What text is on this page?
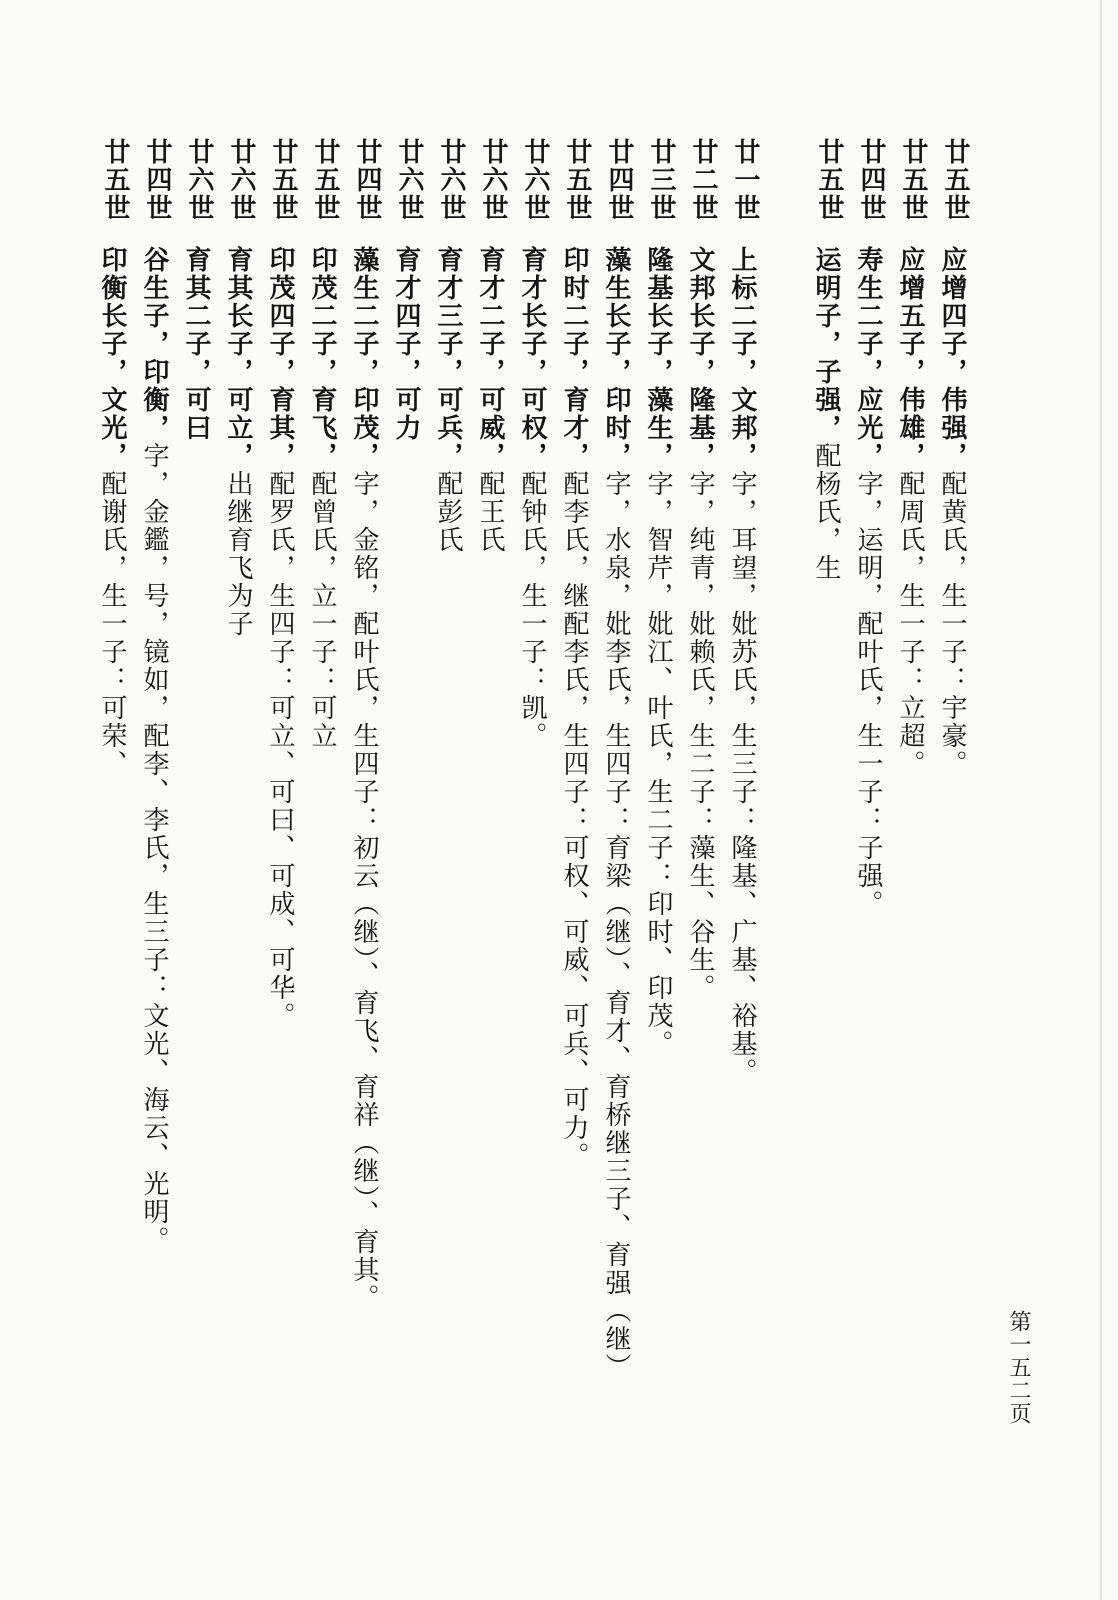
第一五二页
廿五世
应增四子，伟强，配黄氏，生一子：宇豪。
廿五世
应增五子，伟雄，配周氏，生一子：立超。
廿四世
寿生二子，应光，字，运明，配叶氏，生一子：子强。
廿五世
运明子，子强，配杨氏，生
廿一世
上标二子，文邦，字，耳望，妣苏氏，生三子：隆基、广基、裕基。
廿二世
文邦长子，隆基，字，纯青，妣赖氏，生二子：藻生、谷生。
廿三世
隆基长子，藻生，字，智芹，妣江、叶氏，生二子：印时、印茂。
廿四世
藻生长子，印时，字，水泉，妣李氏，生四子：育梁（继）、育才、育桥继三子、育强（继）
廿五世
印时二子，育才，配李氏，继配李氏，生四子：可权、可威、可兵、可力。
廿六世
育才长子，可权，配钟氏，生一子：凯。
廿六世
育才二子，可威，配王氏
廿六世
育才三子，可兵，配彭氏
廿六世
育才四子，可力
廿四世
藻生二子，印茂，字，金铭，配叶氏，生四子：初云（继）、育飞、育祥（继）、育其。
廿五世
印茂二子，育飞，配曾氏，立一子：可立
廿五世
印茂四子，育其，配罗氏，生四子：可立、可曰、可成、可华。
廿六世
育其长子，可立，出继育飞为子
廿六世
育其二子，可曰
廿四世
谷生子，印衡，字，金鑑，号，镜如，配李、李氏，生三子：文光、海云、光明。
廿五世
印衡长子，文光，配谢氏，生一子：可荣、
